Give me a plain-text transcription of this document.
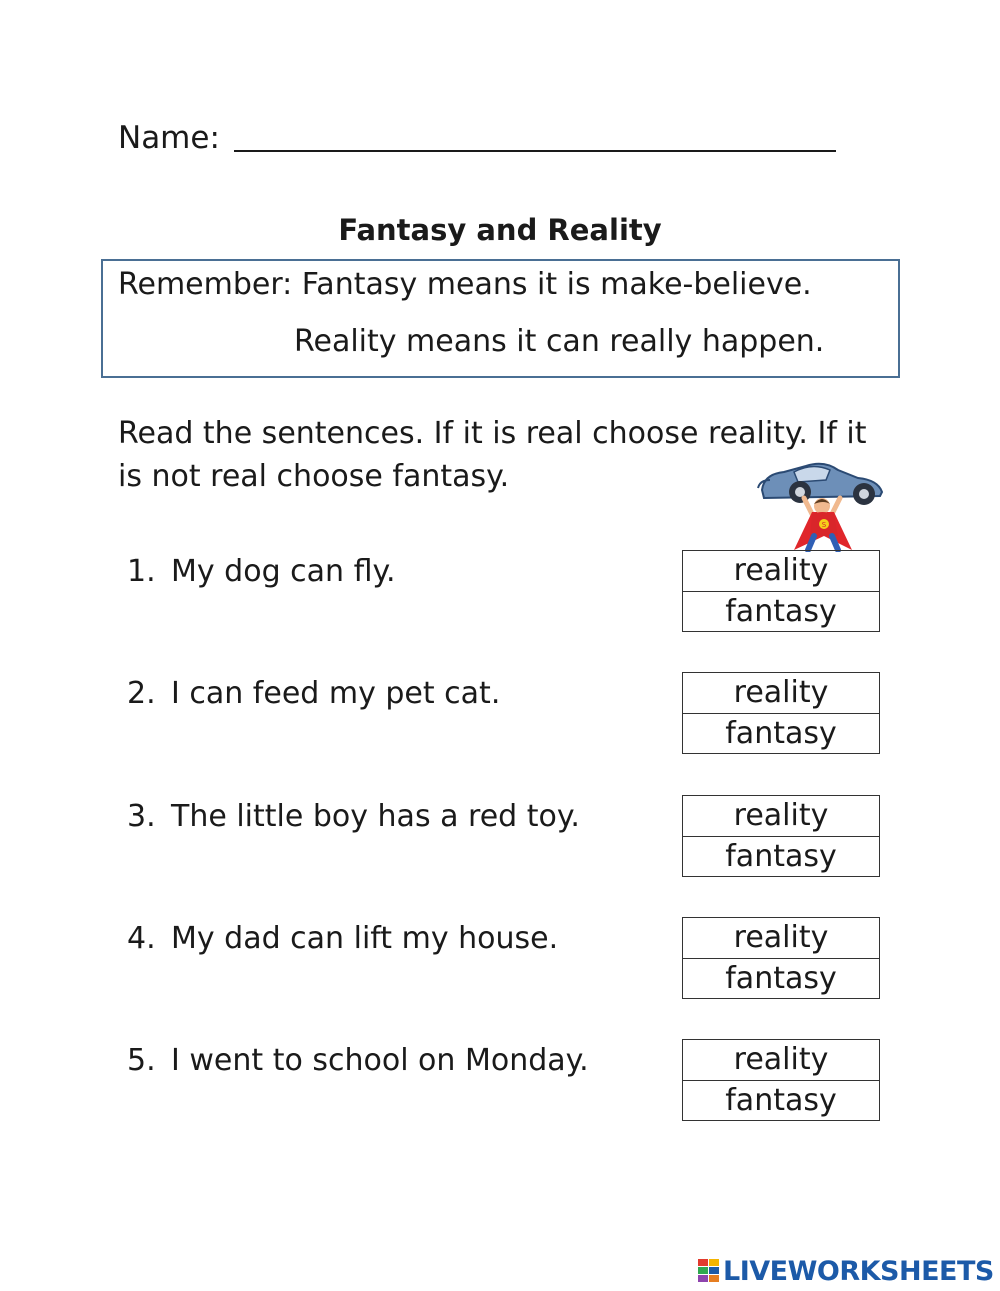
Name:
Fantasy and Reality
Remember: Fantasy means it is make-believe.
Reality means it can really happen.
Read the sentences. If it is real choose reality. If it is not real choose fantasy.
S
1. My dog can fly.	reality
fantasy
2. I can feed my pet cat.	reality
fantasy
3. The little boy has a red toy.	reality
fantasy
4. My dad can lift my house.	reality
fantasy
5. I went to school on Monday.	reality
fantasy
LIVEWORKSHEETS
